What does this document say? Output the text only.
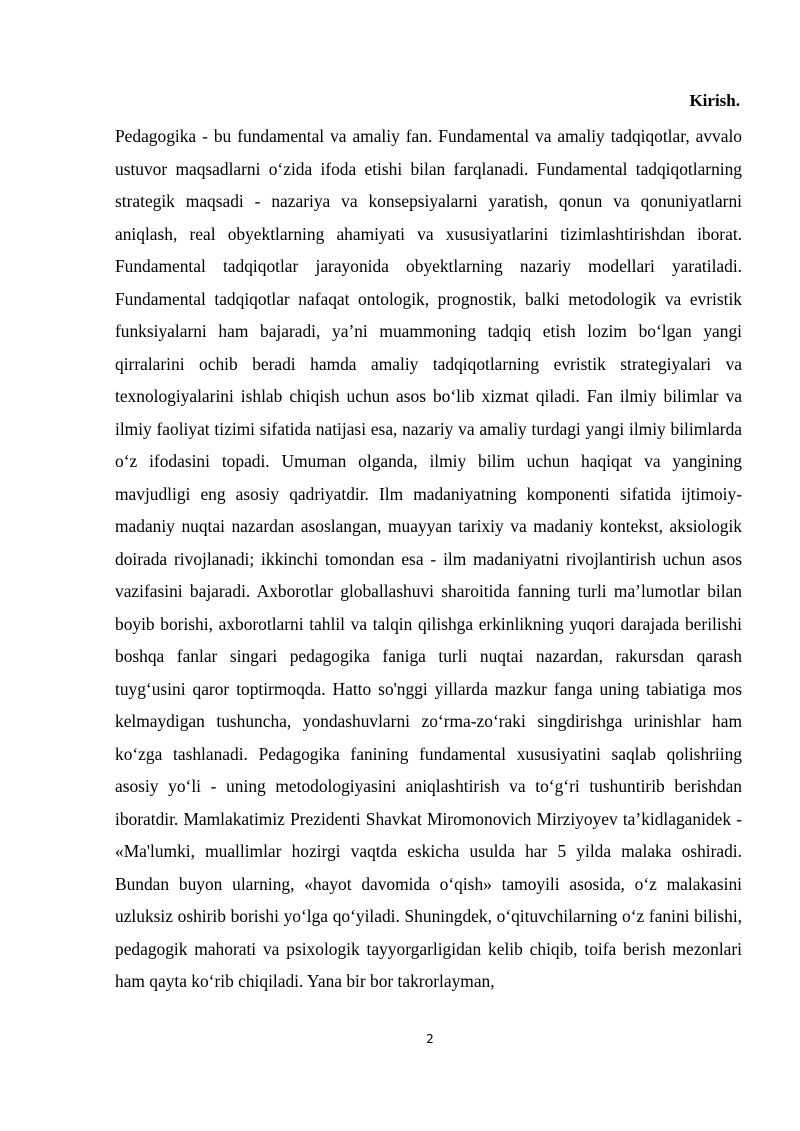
Kirish.

Pedagogika - bu fundamental va amaliy fan. Fundamental va amaliy tadqiqotlar, avvalo ustuvor maqsadlarni o‘zida ifoda etishi bilan farqlanadi. Fundamental tadqiqotlarning strategik maqsadi - nazariya va konsepsiyalarni yaratish, qonun va qonuniyatlarni aniqlash, real obyektlarning ahamiyati va xususiyatlarini tizimlashtirishdan iborat. Fundamental tadqiqotlar jarayonida obyektlarning nazariy modellari yaratiladi. Fundamental tadqiqotlar nafaqat ontologik, prognostik, balki metodologik va evristik funksiyalarni ham bajaradi, ya’ni muammoning tadqiq etish lozim bo‘lgan yangi qirralarini ochib beradi hamda amaliy tadqiqotlarning evristik strategiyalari va texnologiyalarini ishlab chiqish uchun asos bo‘lib xizmat qiladi. Fan ilmiy bilimlar va ilmiy faoliyat tizimi sifatida natijasi esa, nazariy va amaliy turdagi yangi ilmiy bilimlarda o‘z ifodasini topadi. Umuman olganda, ilmiy bilim uchun haqiqat va yangining mavjudligi eng asosiy qadriyatdir. Ilm madaniyatning komponenti sifatida ijtimoiy- madaniy nuqtai nazardan asoslangan, muayyan tarixiy va madaniy kontekst, aksiologik doirada rivojlanadi; ikkinchi tomondan esa - ilm madaniyatni rivojlantirish uchun asos vazifasini bajaradi. Axborotlar globallashuvi sharoitida fanning turli ma’lumotlar bilan boyib borishi, axborotlarni tahlil va talqin qilishga erkinlikning yuqori darajada berilishi boshqa fanlar singari pedagogika faniga turli nuqtai nazardan, rakursdan qarash tuyg‘usini qaror toptirmoqda. Hatto so'nggi yillarda mazkur fanga uning tabiatiga mos kelmaydigan tushuncha, yondashuvlarni zo‘rma-zo‘raki singdirishga urinishlar ham ko‘zga tashlanadi. Pedagogika fanining fundamental xususiyatini saqlab qolishriing asosiy yo‘li - uning metodologiyasini aniqlashtirish va to‘g‘ri tushuntirib berishdan iboratdir. Mamlakatimiz Prezidenti Shavkat Miromonovich Mirziyoyev ta’kidlaganidek - «Ma'lumki, muallimlar hozirgi vaqtda eskicha usulda har 5 yilda malaka oshiradi. Bundan buyon ularning, «hayot davomida o‘qish» tamoyili asosida, o‘z malakasini uzluksiz oshirib borishi yo‘lga qo‘yiladi. Shuningdek, o‘qituvchilarning o‘z fanini bilishi, pedagogik mahorati va psixologik tayyorgarligidan kelib chiqib, toifa berish mezonlari ham qayta ko‘rib chiqiladi. Yana bir bor takrorlayman,

2
